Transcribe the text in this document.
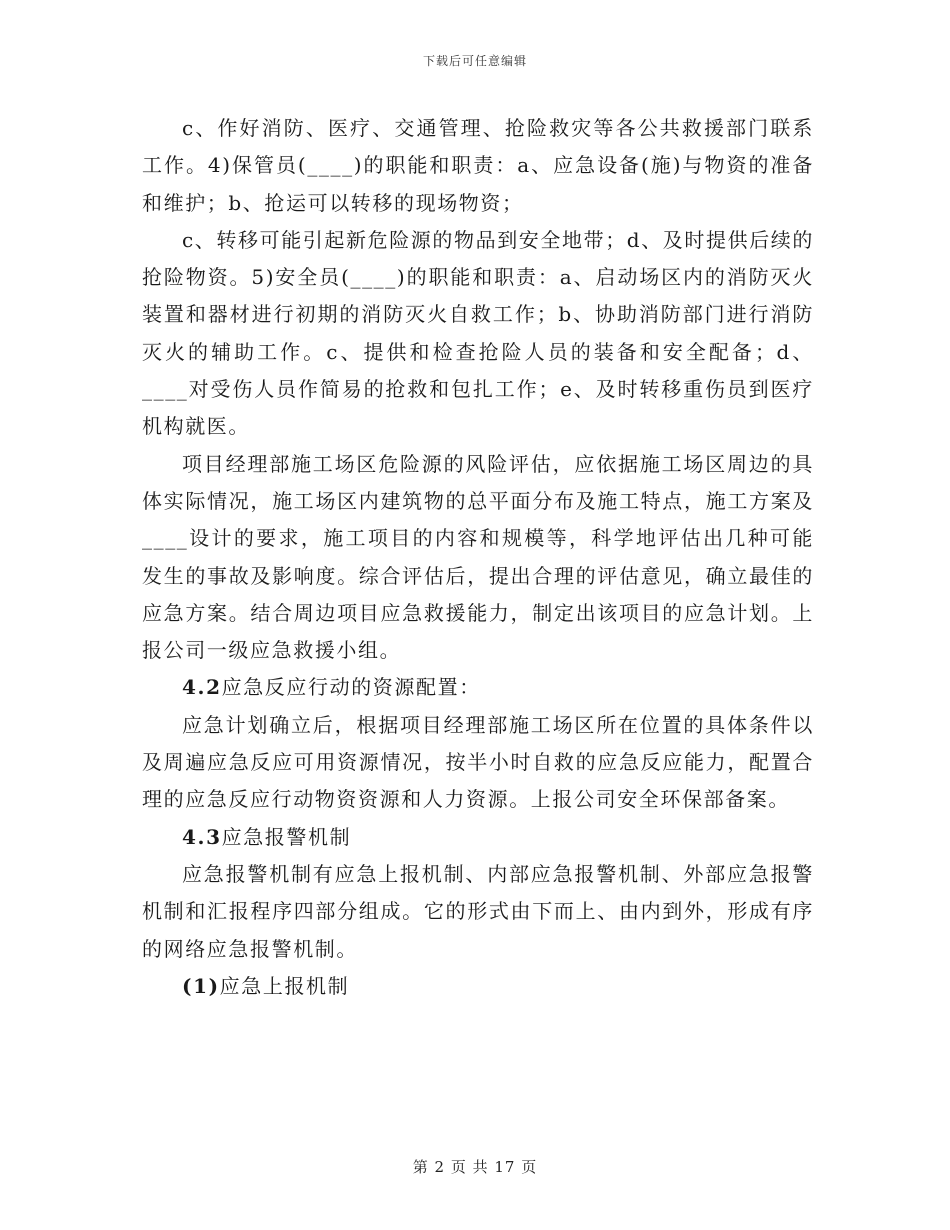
下载后可任意编辑

c、作好消防、医疗、交通管理、抢险救灾等各公共救援部门联系工作。4)保管员(____)的职能和职责：a、应急设备(施)与物资的准备和维护；b、抢运可以转移的现场物资；

c、转移可能引起新危险源的物品到安全地带；d、及时提供后续的抢险物资。5)安全员(____)的职能和职责：a、启动场区内的消防灭火装置和器材进行初期的消防灭火自救工作；b、协助消防部门进行消防灭火的辅助工作。c、提供和检查抢险人员的装备和安全配备；d、____对受伤人员作简易的抢救和包扎工作；e、及时转移重伤员到医疗机构就医。

项目经理部施工场区危险源的风险评估，应依据施工场区周边的具体实际情况，施工场区内建筑物的总平面分布及施工特点，施工方案及____设计的要求，施工项目的内容和规模等，科学地评估出几种可能发生的事故及影响度。综合评估后，提出合理的评估意见，确立最佳的应急方案。结合周边项目应急救援能力，制定出该项目的应急计划。上报公司一级应急救援小组。

4.2应急反应行动的资源配置：

应急计划确立后，根据项目经理部施工场区所在位置的具体条件以及周遍应急反应可用资源情况，按半小时自救的应急反应能力，配置合理的应急反应行动物资资源和人力资源。上报公司安全环保部备案。

4.3应急报警机制

应急报警机制有应急上报机制、内部应急报警机制、外部应急报警机制和汇报程序四部分组成。它的形式由下而上、由内到外，形成有序的网络应急报警机制。

(1)应急上报机制

第 2 页 共 17 页
